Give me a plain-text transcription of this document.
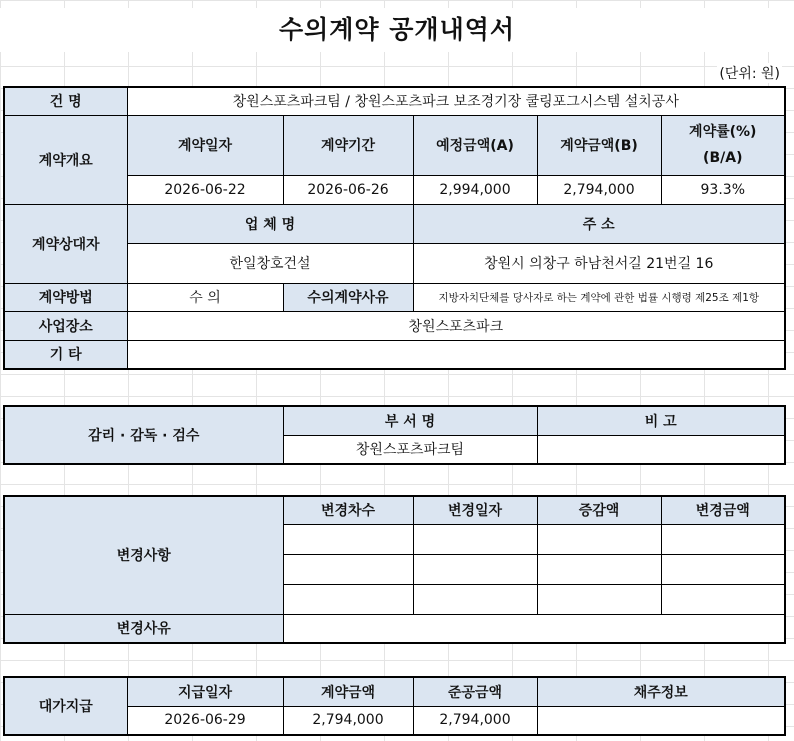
수의계약 공개내역서
(단위: 원)
건 명	창원스포츠파크팀 / 창원스포츠파크 보조경기장 쿨링포그시스템 설치공사				
계약개요	계약일자	계약기간	예정금액(A)	계약금액(B)	계약률(%)
(B/A)

	2026-06-22	2026-06-26	2,994,000	2,794,000	93.3%
계약상대자	업 체 명		주 소		
	한일창호건설		창원시 의창구 하남천서길 21번길 16		
계약방법	수 의	수의계약사유	지방자치단체를 당사자로 하는 계약에 관한 법률 시행령 제25조 제1항		
사업장소	창원스포츠파크				
기 타					
감리 · 감독 · 검수	부 서 명	비 고
	창원스포츠파크팀	
변경사항	변경차수	변경일자	증감액	변경금액

변경사유				
대가지급	지급일자	계약금액	준공금액	채주정보
	2026-06-29	2,794,000	2,794,000	
